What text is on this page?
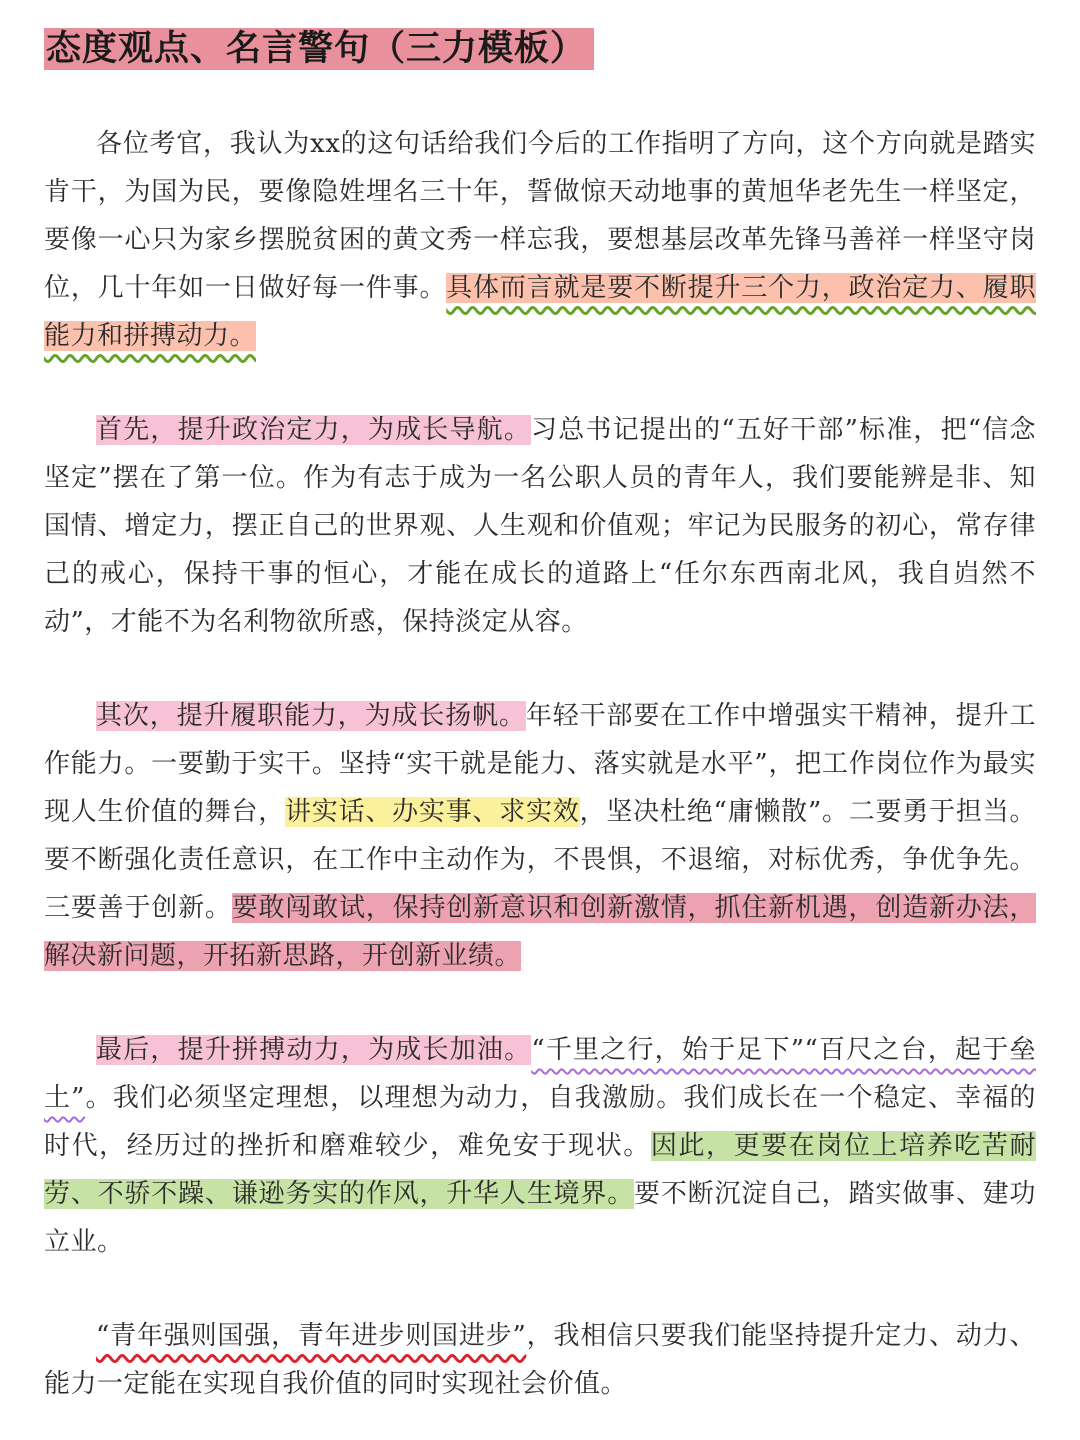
态度观点、名言警句（三力模板）

各位考官，我认为xx的这句话给我们今后的工作指明了方向，这个方向就是踏实肯干，为国为民，要像隐姓埋名三十年，誓做惊天动地事的黄旭华老先生一样坚定，要像一心只为家乡摆脱贫困的黄文秀一样忘我，要想基层改革先锋马善祥一样坚守岗位，几十年如一日做好每一件事。具体而言就是要不断提升三个力，政治定力、履职能力和拼搏动力。

首先，提升政治定力，为成长导航。习总书记提出的“五好干部”标准，把“信念坚定”摆在了第一位。作为有志于成为一名公职人员的青年人，我们要能辨是非、知国情、增定力，摆正自己的世界观、人生观和价值观；牢记为民服务的初心，常存律己的戒心，保持干事的恒心，才能在成长的道路上“任尔东西南北风，我自岿然不动”，才能不为名利物欲所惑，保持淡定从容。

其次，提升履职能力，为成长扬帆。年轻干部要在工作中增强实干精神，提升工作能力。一要勤于实干。坚持“实干就是能力、落实就是水平”，把工作岗位作为最实现人生价值的舞台，讲实话、办实事、求实效，坚决杜绝“庸懒散”。二要勇于担当。要不断强化责任意识，在工作中主动作为，不畏惧，不退缩，对标优秀，争优争先。三要善于创新。要敢闯敢试，保持创新意识和创新激情，抓住新机遇，创造新办法，解决新问题，开拓新思路，开创新业绩。

最后，提升拼搏动力，为成长加油。“千里之行，始于足下”“百尺之台，起于垒土”。我们必须坚定理想，以理想为动力，自我激励。我们成长在一个稳定、幸福的时代，经历过的挫折和磨难较少，难免安于现状。因此，更要在岗位上培养吃苦耐劳、不骄不躁、谦逊务实的作风，升华人生境界。要不断沉淀自己，踏实做事、建功立业。

“青年强则国强，青年进步则国进步”，我相信只要我们能坚持提升定力、动力、能力一定能在实现自我价值的同时实现社会价值。
